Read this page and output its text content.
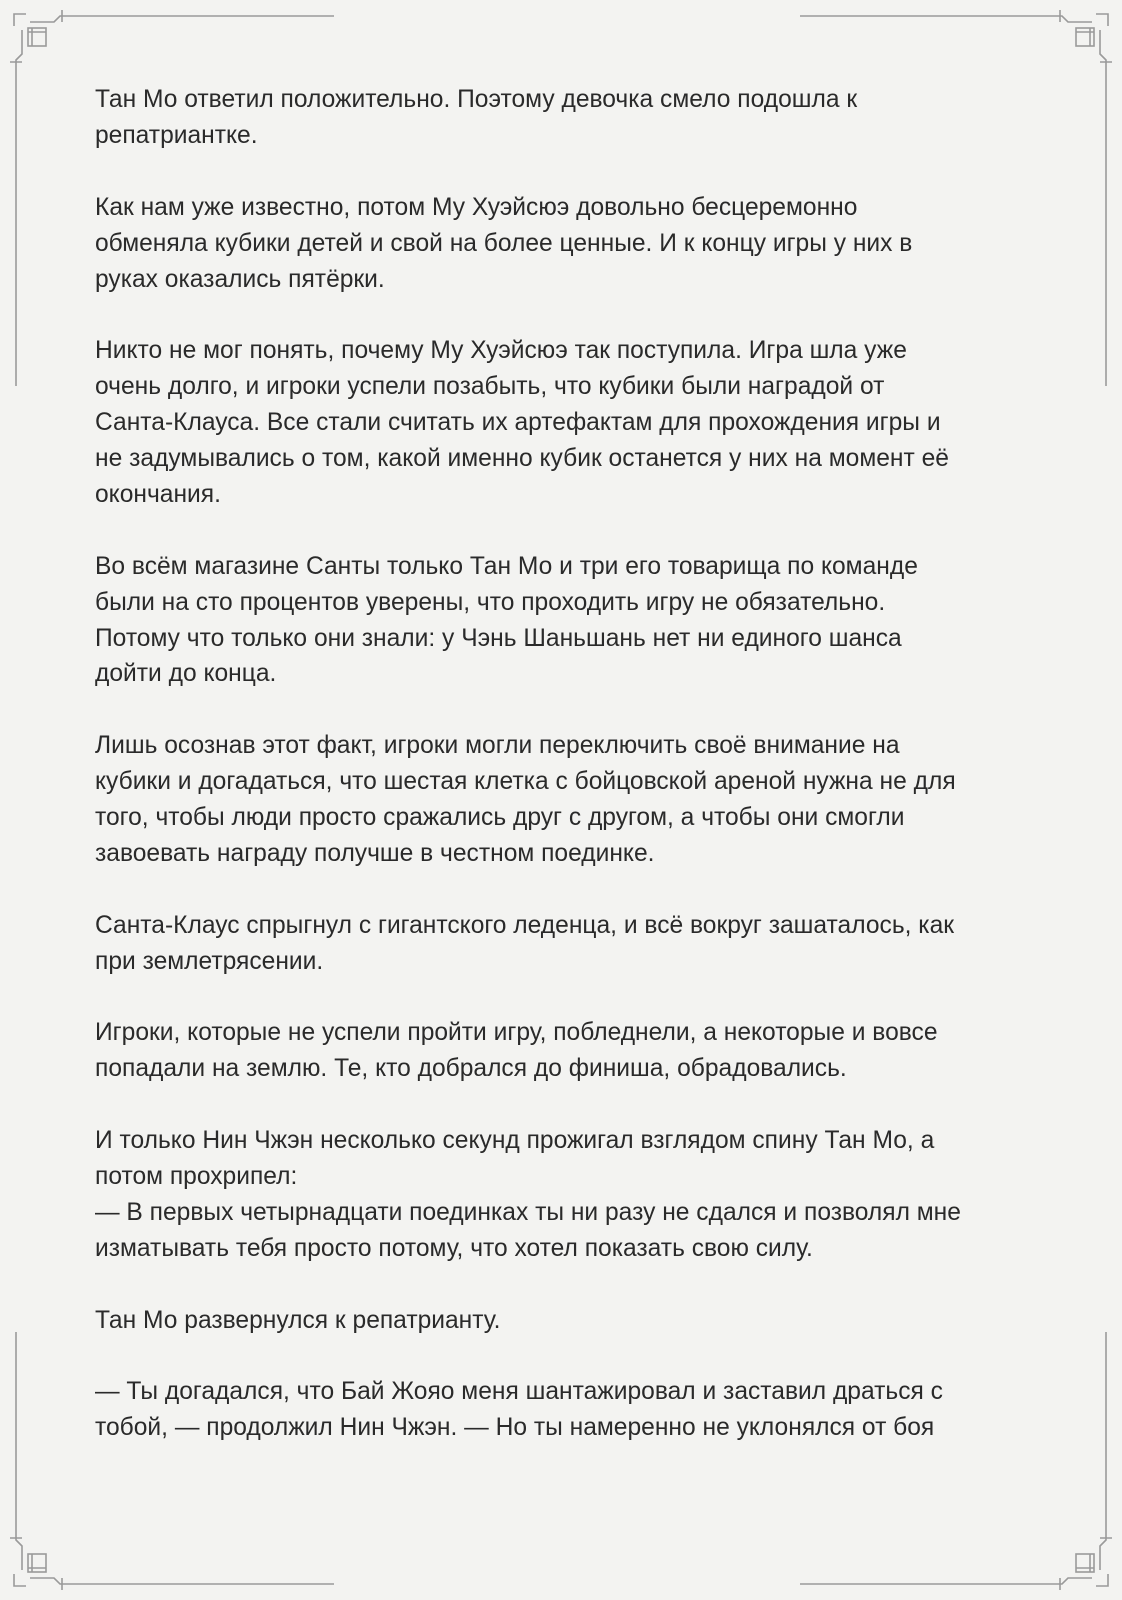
Тан Мо ответил положительно. Поэтому девочка смело подошла к
репатриантке.

Как нам уже известно, потом Му Хуэйсюэ довольно бесцеремонно
обменяла кубики детей и свой на более ценные. И к концу игры у них в
руках оказались пятёрки.

Никто не мог понять, почему Му Хуэйсюэ так поступила. Игра шла уже
очень долго, и игроки успели позабыть, что кубики были наградой от
Санта-Клауса. Все стали считать их артефактам для прохождения игры и
не задумывались о том, какой именно кубик останется у них на момент её
окончания.

Во всём магазине Санты только Тан Мо и три его товарища по команде
были на сто процентов уверены, что проходить игру не обязательно.
Потому что только они знали: у Чэнь Шаньшань нет ни единого шанса
дойти до конца.

Лишь осознав этот факт, игроки могли переключить своё внимание на
кубики и догадаться, что шестая клетка с бойцовской ареной нужна не для
того, чтобы люди просто сражались друг с другом, а чтобы они смогли
завоевать награду получше в честном поединке.

Санта-Клаус спрыгнул с гигантского леденца, и всё вокруг зашаталось, как
при землетрясении.

Игроки, которые не успели пройти игру, побледнели, а некоторые и вовсе
попадали на землю. Те, кто добрался до финиша, обрадовались.

И только Нин Чжэн несколько секунд прожигал взглядом спину Тан Мо, а
потом прохрипел:
— В первых четырнадцати поединках ты ни разу не сдался и позволял мне
изматывать тебя просто потому, что хотел показать свою силу.

Тан Мо развернулся к репатрианту.

— Ты догадался, что Бай Жояо меня шантажировал и заставил драться с
тобой, — продолжил Нин Чжэн. — Но ты намеренно не уклонялся от боя
